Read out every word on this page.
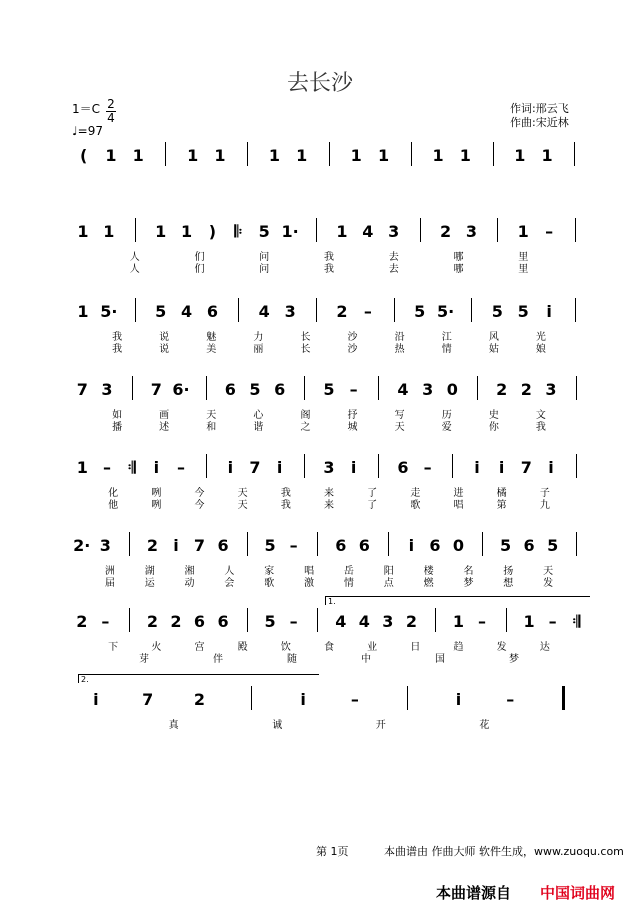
去长沙
1＝C 2
4
♩=97
作词:邢云飞
作曲:宋近林
( 1 1	1 1	1 1	1 1	1 1	1 1
1 1	1 1 ) 𝄆 5 1· 1 4 3	2 3	1 –
人	们	问	我	去	哪	里
人	们	问	我	去	哪	里
1 5· 5 4 6	4 3	2 –	5 5· 5 5 i
我	说	魅	力	长	沙	沿	江	风	光
我	说	美	丽	长	沙	热	情	姑	娘
7 3 7 6· 6 5 6 5 – 4 3 0 2 2 3
如	画	天	心	阁	抒	写	历	史	文
播	述	和	谐	之	城	天	爱	你	我
1 – 𝄇 i –	i 7 i	3 i	6 –	i i 7 i
化	咧	今	天	我	来	了	走	进	橘	子
他	咧	今	天	我	来	了	歌	唱	第	九
2· 3 2 i 7 6 5 – 6 6 i 6 0 5 6 5
洲	湖	湘	人	家	唱	岳	阳	楼	名	扬	天
届	运	动	会	歌	激	情	点	燃	梦	想	发
2 – 2 2 6 6 5 – 4 4 3 2 1 – 1 – 𝄇
下	火	宫	殿	饮	食	业	日	趋	发	达
芽	伴	随	中	国	梦
i	7	2	i	–	i	–
真	诚	开	花
第 1页	本曲谱由 作曲大师 软件生成，www.zuoqu.com
本曲谱源自 中国词曲网
1.
2.
